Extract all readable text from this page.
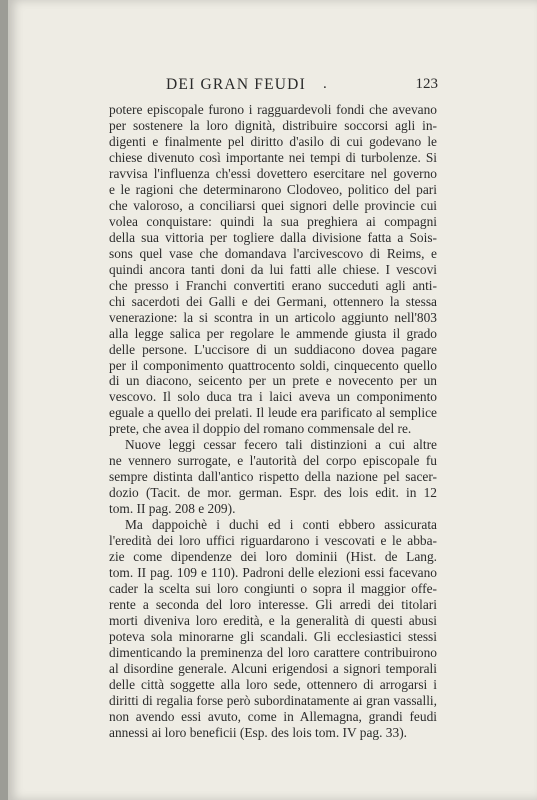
DEI GRAN FEUDI .	123
potere episcopale furono i ragguardevoli fondi che avevano
per sostenere la loro dignità, distribuire soccorsi agli in-
digenti e finalmente pel diritto d'asilo di cui godevano le
chiese divenuto così importante nei tempi di turbolenze. Si
ravvisa l'influenza ch'essi dovettero esercitare nel governo
e le ragioni che determinarono Clodoveo, politico del pari
che valoroso, a conciliarsi quei signori delle provincie cui
volea conquistare: quindi la sua preghiera ai compagni
della sua vittoria per togliere dalla divisione fatta a Sois-
sons quel vase che domandava l'arcivescovo di Reims, e
quindi ancora tanti doni da lui fatti alle chiese. I vescovi
che presso i Franchi convertiti erano succeduti agli anti-
chi sacerdoti dei Galli e dei Germani, ottennero la stessa
venerazione: la si scontra in un articolo aggiunto nell'803
alla legge salica per regolare le ammende giusta il grado
delle persone. L'uccisore di un suddiacono dovea pagare
per il componimento quattrocento soldi, cinquecento quello
di un diacono, seicento per un prete e novecento per un
vescovo. Il solo duca tra i laici aveva un componimento
eguale a quello dei prelati. Il leude era parificato al semplice
prete, che avea il doppio del romano commensale del re.
Nuove leggi cessar fecero tali distinzioni a cui altre
ne vennero surrogate, e l'autorità del corpo episcopale fu
sempre distinta dall'antico rispetto della nazione pel sacer-
dozio (Tacit. de mor. german. Espr. des lois edit. in 12
tom. II pag. 208 e 209).
Ma dappoichè i duchi ed i conti ebbero assicurata
l'eredità dei loro uffici riguardarono i vescovati e le abba-
zie come dipendenze dei loro dominii (Hist. de Lang.
tom. II pag. 109 e 110). Padroni delle elezioni essi facevano
cader la scelta sui loro congiunti o sopra il maggior offe-
rente a seconda del loro interesse. Gli arredi dei titolari
morti diveniva loro eredità, e la generalità di questi abusi
poteva sola minorarne gli scandali. Gli ecclesiastici stessi
dimenticando la preminenza del loro carattere contribuirono
al disordine generale. Alcuni erigendosi a signori temporali
delle città soggette alla loro sede, ottennero di arrogarsi i
diritti di regalia forse però subordinatamente ai gran vassalli,
non avendo essi avuto, come in Allemagna, grandi feudi
annessi ai loro beneficii (Esp. des lois tom. IV pag. 33).
